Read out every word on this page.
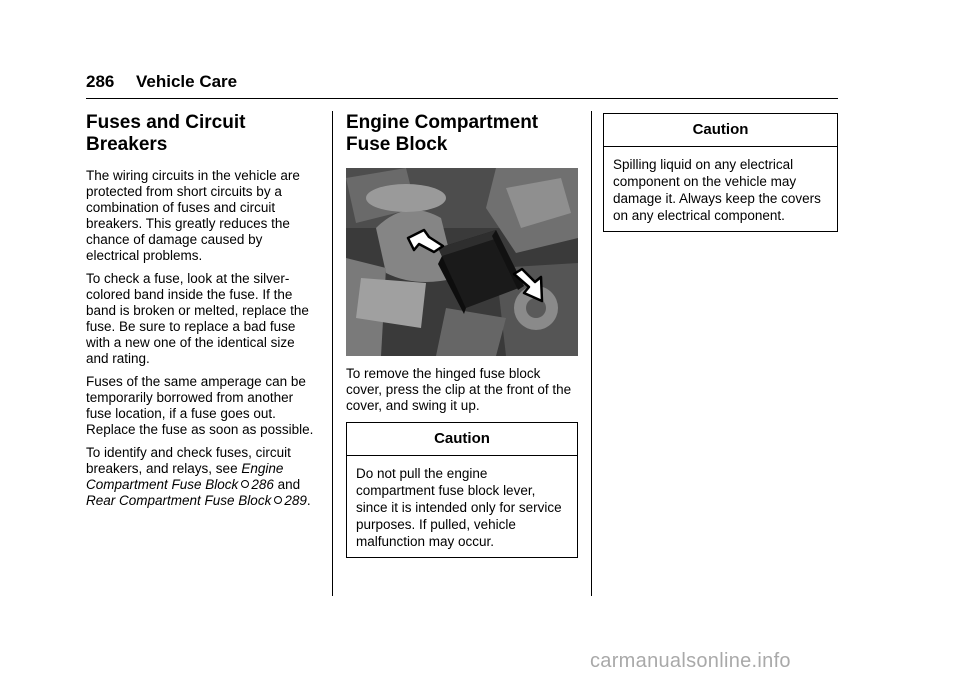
286 Vehicle Care
Fuses and Circuit Breakers

The wiring circuits in the vehicle are protected from short circuits by a combination of fuses and circuit breakers. This greatly reduces the chance of damage caused by electrical problems.

To check a fuse, look at the silver-colored band inside the fuse. If the band is broken or melted, replace the fuse. Be sure to replace a bad fuse with a new one of the identical size and rating.

Fuses of the same amperage can be temporarily borrowed from another fuse location, if a fuse goes out. Replace the fuse as soon as possible.

To identify and check fuses, circuit breakers, and relays, see Engine Compartment Fuse Block 286 and Rear Compartment Fuse Block 289.

Engine Compartment Fuse Block

To remove the hinged fuse block cover, press the clip at the front of the cover, and swing it up.

Caution
Do not pull the engine compartment fuse block lever, since it is intended only for service purposes. If pulled, vehicle malfunction may occur.
Caution
Spilling liquid on any electrical component on the vehicle may damage it. Always keep the covers on any electrical component.
carmanualsonline.info
